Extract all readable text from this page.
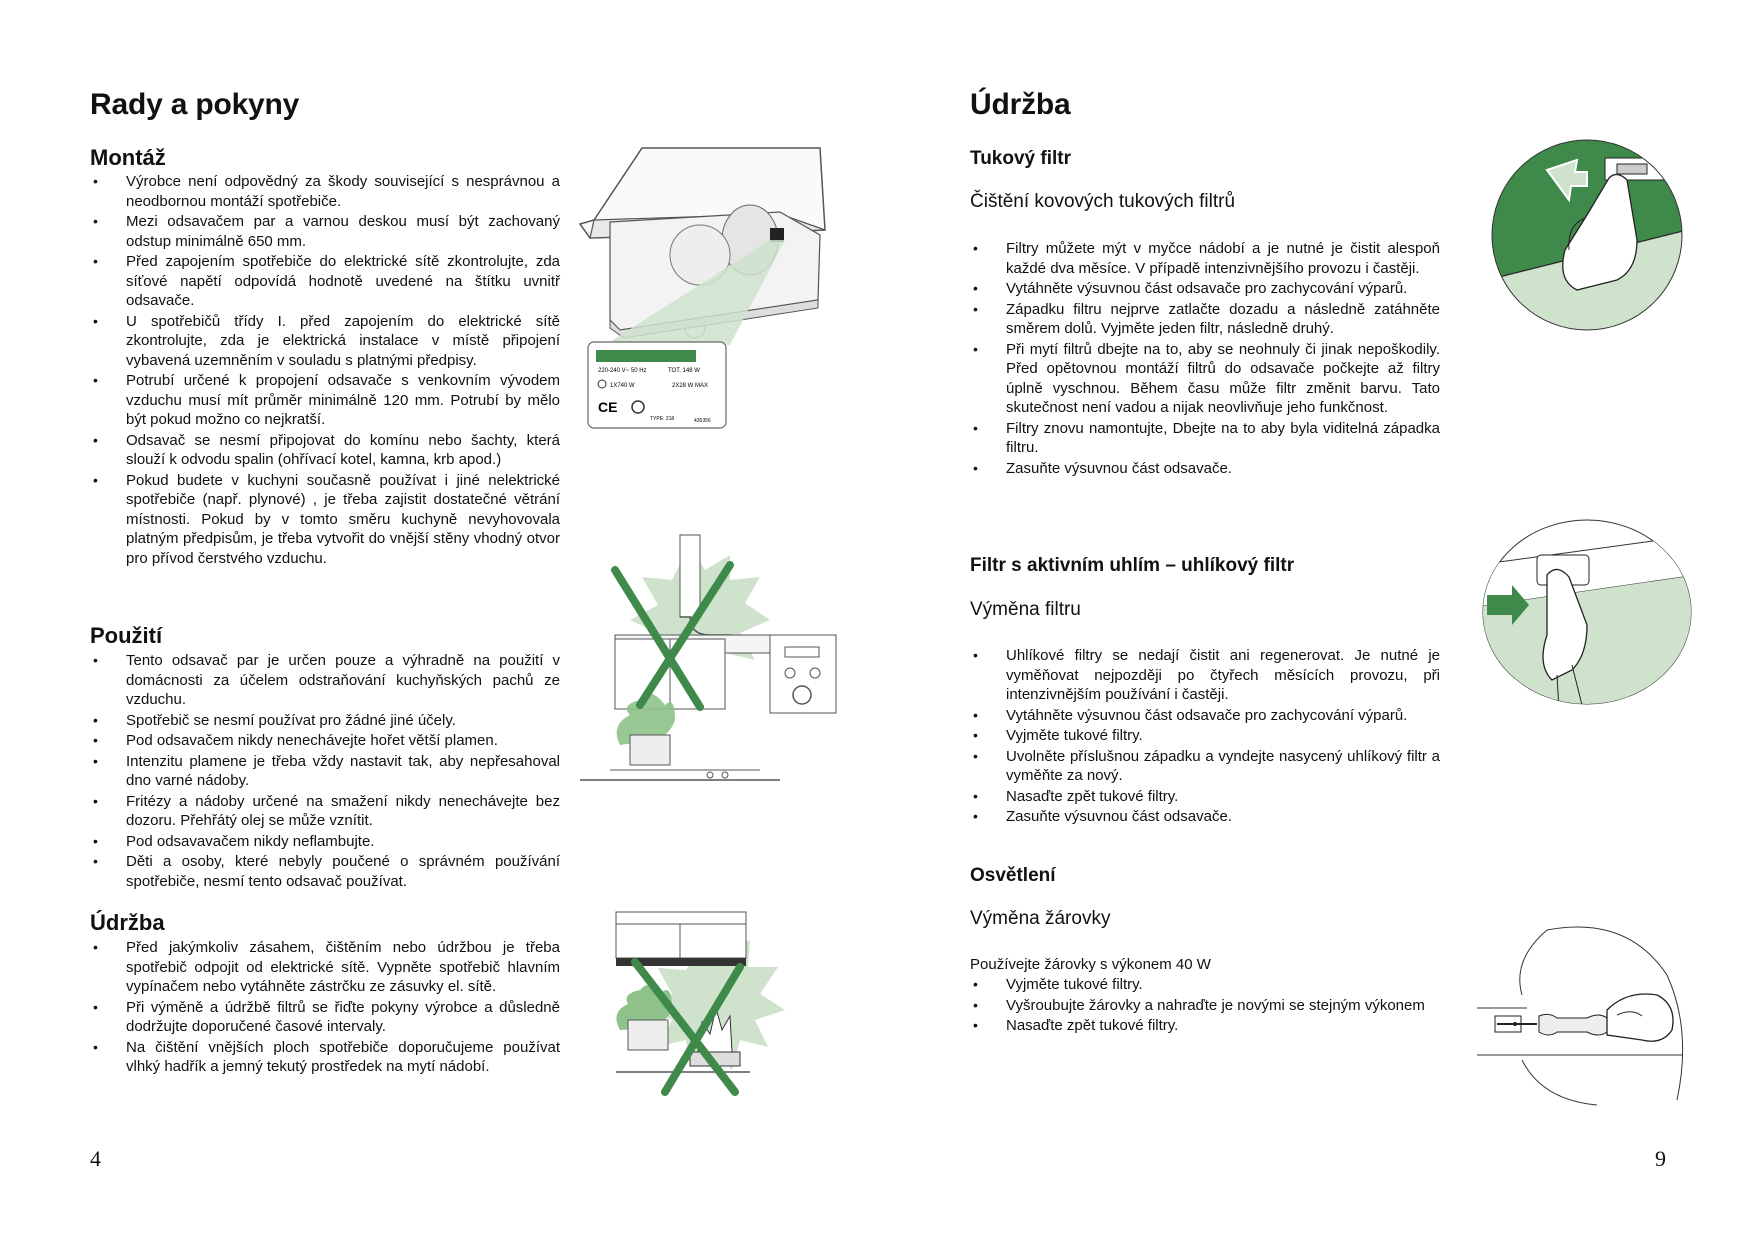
Rady a pokyny
Montáž
• Výrobce není odpovědný za škody související s nesprávnou a neodbornou montáží spotřebiče.
• Mezi odsavačem par a varnou deskou musí být zachovaný odstup minimálně 650 mm.
• Před zapojením spotřebiče do elektrické sítě zkontrolujte, zda síťové napětí odpovídá hodnotě uvedené na štítku uvnitř odsavače.
• U spotřebičů třídy I. před zapojením do elektrické sítě zkontrolujte, zda je elektrická instalace v místě připojení vybavená uzemněním v souladu s platnými předpisy.
• Potrubí určené k propojení odsavače s venkovním vývodem vzduchu musí mít průměr minimálně 120 mm. Potrubí by mělo být pokud možno co nejkratší.
• Odsavač se nesmí připojovat do komínu nebo šachty, která slouží k odvodu spalin (ohřívací kotel, kamna, krb apod.)
• Pokud budete v kuchyni současně používat i jiné nelektrické spotřebiče (např. plynové) , je třeba zajistit dostatečné větrání místnosti. Pokud by v tomto směru kuchyně nevyhovovala platným předpisům, je třeba vytvořit do vnější stěny vhodný otvor pro přívod čerstvého vzduchu.
Použití
• Tento odsavač par je určen pouze a výhradně na použití v domácnosti za účelem odstraňování kuchyňských pachů ze vzduchu.
• Spotřebič se nesmí používat pro žádné jiné účely.
• Pod odsavačem nikdy nenechávejte hořet větší plamen.
• Intenzitu plamene je třeba vždy nastavit tak, aby nepřesahoval dno varné nádoby.
• Fritézy a nádoby určené na smažení nikdy nenechávejte bez dozoru. Přehřátý olej se může vznítit.
• Pod odsavavačem nikdy neflambujte.
• Děti a osoby, které nebyly poučené o správném používání spotřebiče, nesmí tento odsavač používat.
Údržba
• Před jakýmkoliv zásahem, čištěním nebo údržbou je třeba spotřebič odpojit od elektrické sítě. Vypněte spotřebič hlavním vypínačem nebo vytáhněte zástrčku ze zásuvky el. sítě.
• Při výměně a údržbě filtrů se řiďte pokyny výrobce a důsledně dodržujte doporučené časové intervaly.
• Na čištění vnějších ploch spotřebiče doporučujeme používat vlhký hadřík a jemný tekutý prostředek na mytí nádobí.
220-240 V~ 50 Hz	TOT. 148 W
1X740 W	2X28 W MAX
CE
TYPE: 218	435356
4
Údržba
Tukový filtr
Čištění kovových tukových filtrů
• Filtry můžete mýt v myčce nádobí a je nutné je čistit alespoň každé dva měsíce. V případě intenzivnějšího provozu i častěji.
• Vytáhněte výsuvnou část odsavače pro zachycování výparů.
• Západku filtru nejprve zatlačte dozadu a následně zatáhněte směrem dolů. Vyjměte jeden filtr, následně druhý.
• Při mytí filtrů dbejte na to, aby se neohnuly či jinak nepoškodily. Před opětovnou montáží filtrů do odsavače počkejte až filtry úplně vyschnou. Během času může filtr změnit barvu. Tato skutečnost není vadou a nijak neovlivňuje jeho funkčnost.
• Filtry znovu namontujte, Dbejte na to aby byla viditelná západka filtru.
• Zasuňte výsuvnou část odsavače.
Filtr s aktivním uhlím – uhlíkový filtr
Výměna filtru
• Uhlíkové filtry se nedají čistit ani regenerovat. Je nutné je vyměňovat nejpozději po čtyřech měsících provozu, při intenzivnějším používání i častěji.
• Vytáhněte výsuvnou část odsavače pro zachycování výparů.
• Vyjměte tukové filtry.
• Uvolněte příslušnou západku a vyndejte nasycený uhlíkový filtr a vyměňte za nový.
• Nasaďte zpět tukové filtry.
• Zasuňte výsuvnou část odsavače.
Osvětlení
Výměna žárovky

Používejte žárovky s výkonem 40 W

• Vyjměte tukové filtry.
• Vyšroubujte žárovky a nahraďte je novými se stejným výkonem
• Nasaďte zpět tukové filtry.
9
